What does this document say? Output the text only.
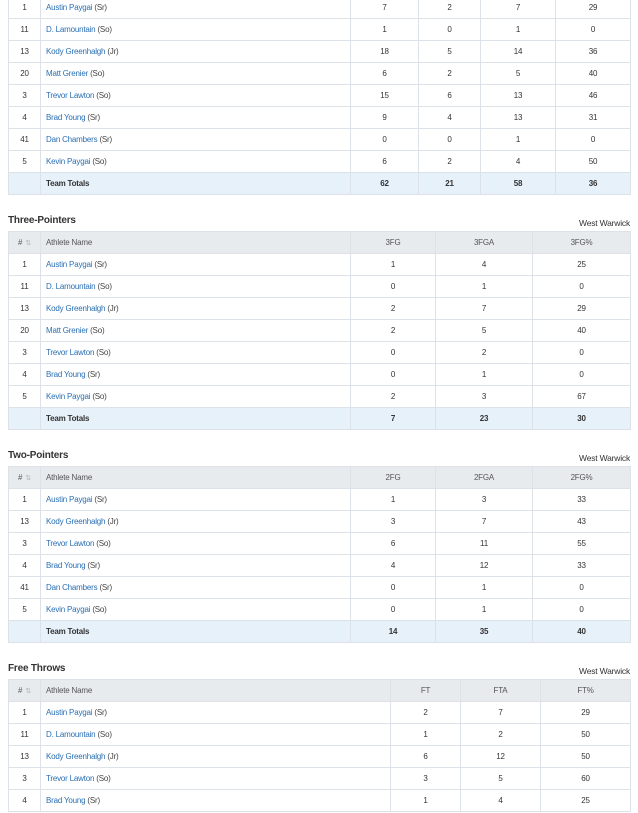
1	Austin Paygai (Sr)	7	2	7	29
11	D. Lamountain (So)	1	0	1	0
13	Kody Greenhalgh (Jr)	18	5	14	36
20	Matt Grenier (So)	6	2	5	40
3	Trevor Lawton (So)	15	6	13	46
4	Brad Young (Sr)	9	4	13	31
41	Dan Chambers (Sr)	0	0	1	0
5	Kevin Paygai (So)	6	2	4	50
	Team Totals	62	21	58	36
Three-Pointers	West Warwick
# ⇅	Athlete Name	3FG	3FGA	3FG%
1	Austin Paygai (Sr)	1	4	25
11	D. Lamountain (So)	0	1	0
13	Kody Greenhalgh (Jr)	2	7	29
20	Matt Grenier (So)	2	5	40
3	Trevor Lawton (So)	0	2	0
4	Brad Young (Sr)	0	1	0
5	Kevin Paygai (So)	2	3	67
	Team Totals	7	23	30
Two-Pointers	West Warwick
# ⇅	Athlete Name	2FG	2FGA	2FG%
1	Austin Paygai (Sr)	1	3	33
13	Kody Greenhalgh (Jr)	3	7	43
3	Trevor Lawton (So)	6	11	55
4	Brad Young (Sr)	4	12	33
41	Dan Chambers (Sr)	0	1	0
5	Kevin Paygai (So)	0	1	0
	Team Totals	14	35	40
Free Throws	West Warwick
# ⇅	Athlete Name	FT	FTA	FT%
1	Austin Paygai (Sr)	2	7	29
11	D. Lamountain (So)	1	2	50
13	Kody Greenhalgh (Jr)	6	12	50
3	Trevor Lawton (So)	3	5	60
4	Brad Young (Sr)	1	4	25
